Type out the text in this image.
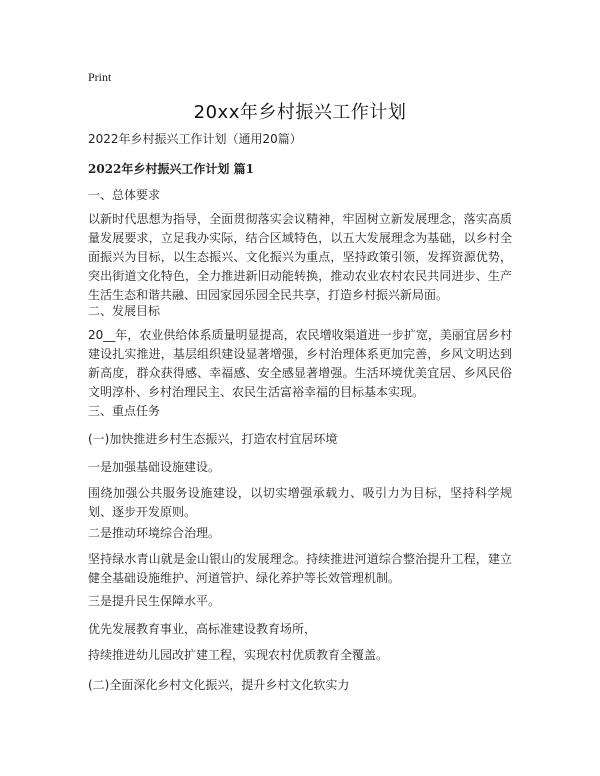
Print
20xx年乡村振兴工作计划
2022年乡村振兴工作计划（通用20篇）
2022年乡村振兴工作计划 篇1
一、总体要求
以新时代思想为指导，全面贯彻落实会议精神，牢固树立新发展理念，落实高质量发展要求，立足我办实际，结合区域特色，以五大发展理念为基础，以乡村全面振兴为目标，以生态振兴、文化振兴为重点，坚持政策引领，发挥资源优势，突出街道文化特色，全力推进新旧动能转换，推动农业农村农民共同进步、生产生活生态和谐共融、田园家园乐园全民共享，打造乡村振兴新局面。
二、发展目标
20__年，农业供给体系质量明显提高，农民增收渠道进一步扩宽，美丽宜居乡村建设扎实推进，基层组织建设显著增强，乡村治理体系更加完善，乡风文明达到新高度，群众获得感、幸福感、安全感显著增强。生活环境优美宜居、乡风民俗文明淳朴、乡村治理民主、农民生活富裕幸福的目标基本实现。
三、重点任务
(一)加快推进乡村生态振兴，打造农村宜居环境
一是加强基础设施建设。
围绕加强公共服务设施建设，以切实增强承载力、吸引力为目标，坚持科学规划、逐步开发原则。
二是推动环境综合治理。
坚持绿水青山就是金山银山的发展理念。持续推进河道综合整治提升工程，建立健全基础设施维护、河道管护、绿化养护等长效管理机制。
三是提升民生保障水平。
优先发展教育事业，高标准建设教育场所，
持续推进幼儿园改扩建工程，实现农村优质教育全覆盖。
(二)全面深化乡村文化振兴，提升乡村文化软实力
